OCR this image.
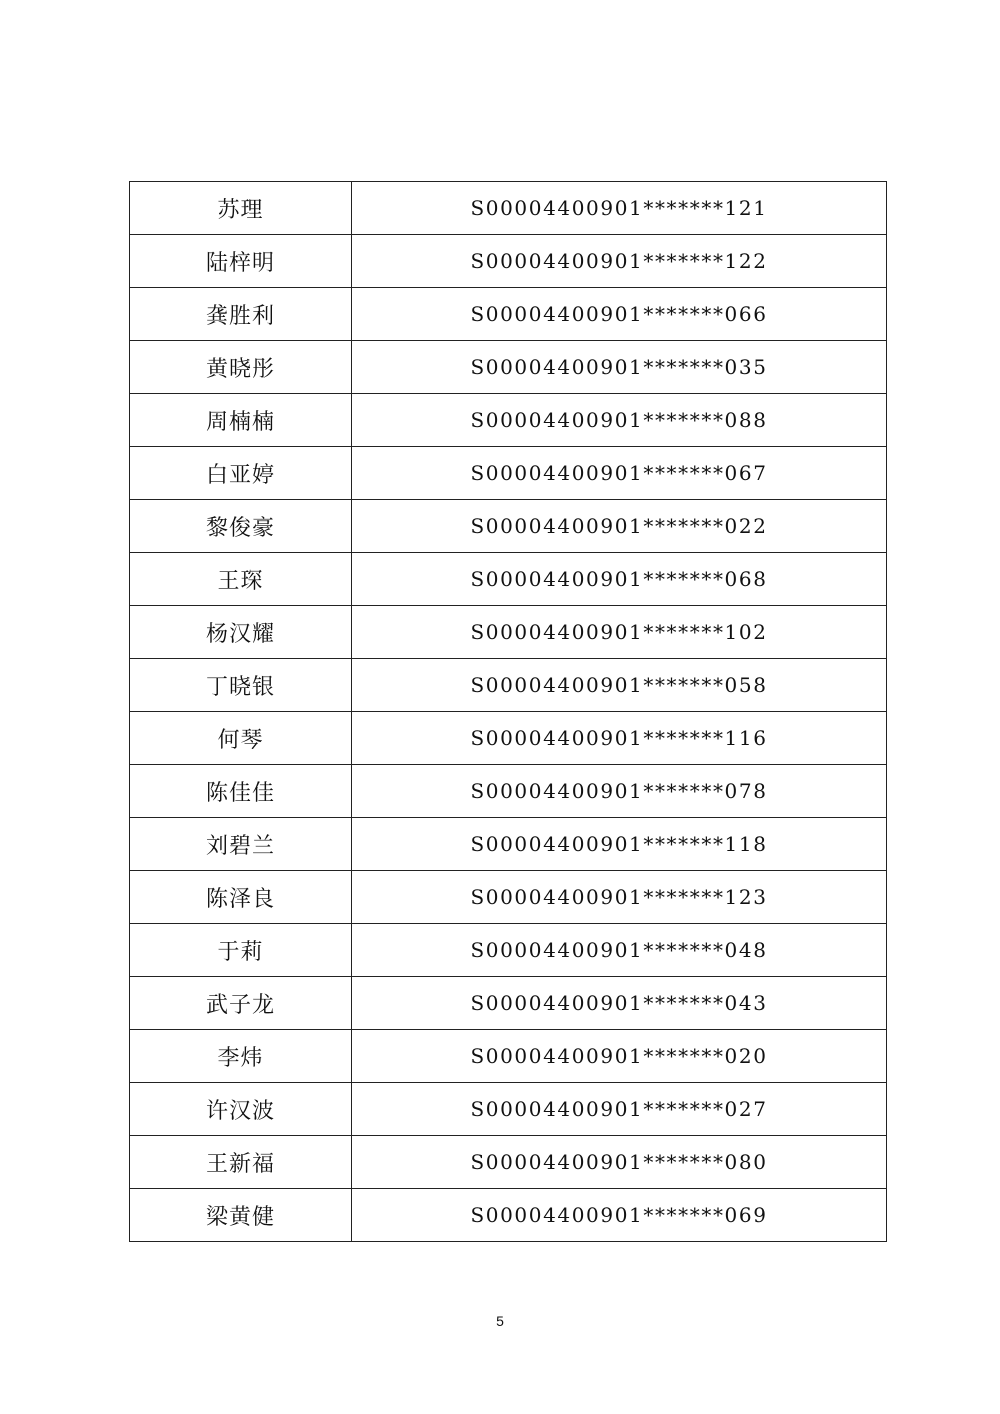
苏理	S00004400901*******121
陆梓明	S00004400901*******122
龚胜利	S00004400901*******066
黄晓彤	S00004400901*******035
周楠楠	S00004400901*******088
白亚婷	S00004400901*******067
黎俊豪	S00004400901*******022
王琛	S00004400901*******068
杨汉耀	S00004400901*******102
丁晓银	S00004400901*******058
何琴	S00004400901*******116
陈佳佳	S00004400901*******078
刘碧兰	S00004400901*******118
陈泽良	S00004400901*******123
于莉	S00004400901*******048
武子龙	S00004400901*******043
李炜	S00004400901*******020
许汉波	S00004400901*******027
王新福	S00004400901*******080
梁黄健	S00004400901*******069
5
